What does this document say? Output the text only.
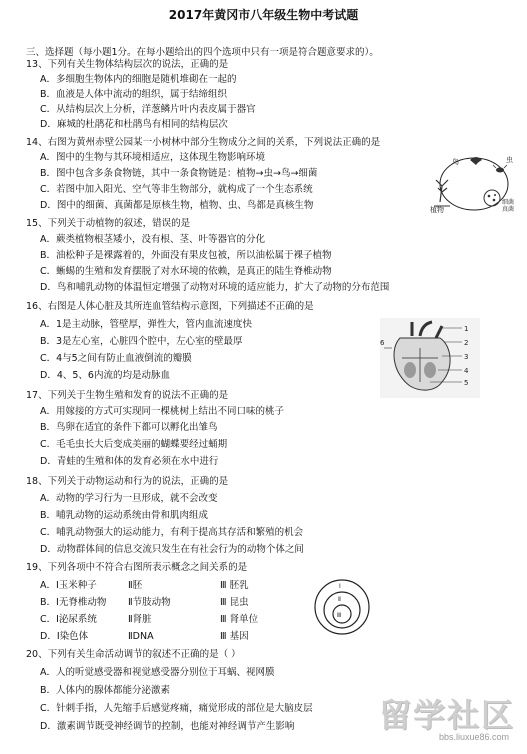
2017年黄冈市八年级生物中考试题
三、选择题（每小题1分。在每小题给出的四个选项中只有一项是符合题意要求的）。
13、下列有关生物体结构层次的说法，正确的是
A．多细胞生物体内的细胞是随机堆砌在一起的
B．血液是人体中流动的组织，属于结缔组织
C．从结构层次上分析，洋葱鳞片叶内表皮属于器官
D．麻城的杜鹃花和杜鹃鸟有相同的结构层次
14、右图为黄州赤壁公园某一小树林中部分生物成分之间的关系，下列说法正确的是
A．图中的生物与其环境相适应，这体现生物影响环境
B．图中包含多条食物链，其中一条食物链是：植物→虫→鸟→细菌
C．若图中加入阳光、空气等非生物部分，就构成了一个生态系统
D．图中的细菌、真菌都是原核生物，植物、虫、鸟都是真核生物
鸟	虫
植物
细菌 真菌
15、下列关于动植物的叙述，错误的是
A．蕨类植物根茎矮小，没有根、茎、叶等器官的分化
B．油松种子是裸露着的，外面没有果皮包被，所以油松属于裸子植物
C．蜥蜴的生殖和发育摆脱了对水环境的依赖，是真正的陆生脊椎动物
D．鸟和哺乳动物的体温恒定增强了动物对环境的适应能力，扩大了动物的分布范围
16、右图是人体心脏及其所连血管结构示意图，下列描述不正确的是
A．1是主动脉，管壁厚，弹性大，管内血流速度快
B．3是左心室，心脏四个腔中，左心室的壁最厚
C．4与5之间有防止血液倒流的瓣膜
D．4、5、6内流的均是动脉血
1
2
3
4
5
6
17、下列关于生物生殖和发育的说法不正确的是
A．用嫁接的方式可实现同一棵桃树上结出不同口味的桃子
B．鸟卵在适宜的条件下都可以孵化出雏鸟
C．毛毛虫长大后变成美丽的蝴蝶要经过蛹期
D．青蛙的生殖和体的发育必须在水中进行
18、下列关于动物运动和行为的说法，正确的是
A．动物的学习行为一旦形成，就不会改变
B．哺乳动物的运动系统由骨和肌肉组成
C．哺乳动物强大的运动能力，有利于提高其存活和繁殖的机会
D．动物群体间的信息交流只发生在有社会行为的动物个体之间
19、下列各项中不符合右图所表示概念之间关系的是
A．Ⅰ玉米种子	Ⅱ胚	Ⅲ 胚乳
B．Ⅰ无脊椎动物 Ⅱ节肢动物	Ⅲ 昆虫
C．Ⅰ泌尿系统	Ⅱ肾脏	Ⅲ 肾单位
D．Ⅰ染色体	ⅡDNA	Ⅲ 基因
Ⅰ
Ⅱ
Ⅲ
20、下列有关生命活动调节的叙述不正确的是（ ）
A．人的听觉感受器和视觉感受器分别位于耳蜗、视网膜
B．人体内的腺体都能分泌激素
C．针刺手指，人先缩手后感觉疼痛，痛觉形成的部位是大脑皮层
D．激素调节既受神经调节的控制，也能对神经调节产生影响	留学社区
bbs.liuxue86.com
